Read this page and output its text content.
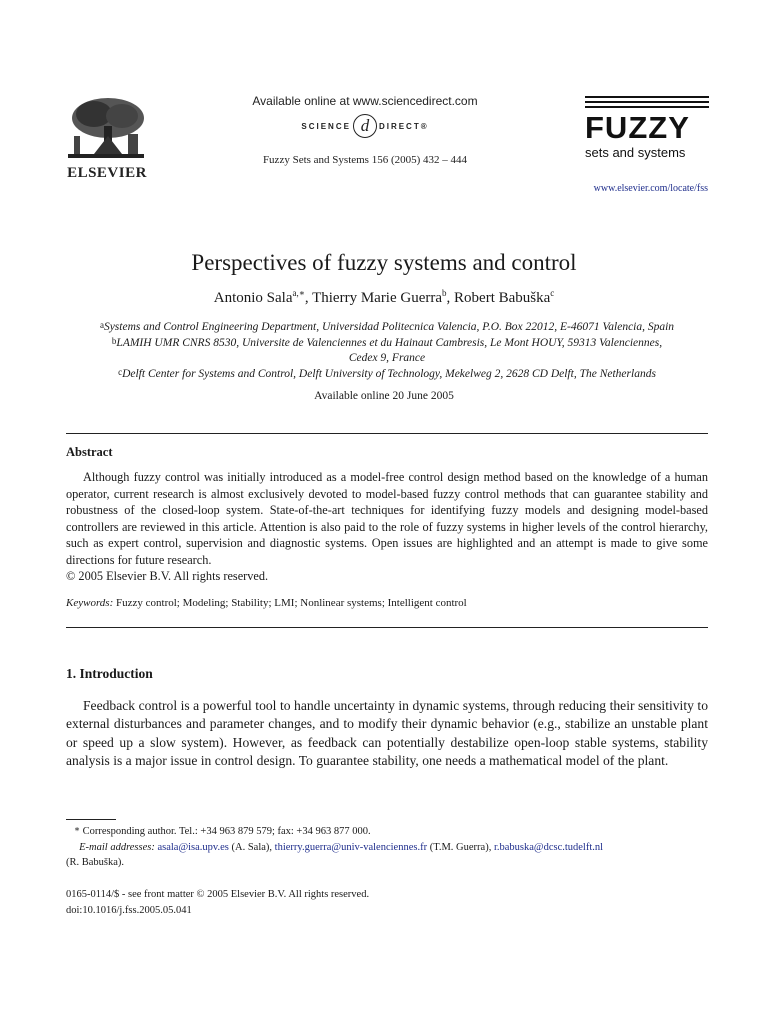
ELSEVIER
Available online at www.sciencedirect.com
SCIENCE d	DIRECT®
Fuzzy Sets and Systems 156 (2005) 432 – 444
FUZZY
sets and systems
www.elsevier.com/locate/fss
Perspectives of fuzzy systems and control
Antonio Sala$^{a,∗}$, Thierry Marie Guerra$^b$, Robert Babuška$^c$
$^a$Systems and Control Engineering Department, Universidad Politecnica Valencia, P.O. Box 22012, E-46071 Valencia, Spain
$^b$LAMIH UMR CNRS 8530, Universite de Valenciennes et du Hainaut Cambresis, Le Mont HOUY, 59313 Valenciennes,
Cedex 9, France
$^c$Delft Center for Systems and Control, Delft University of Technology, Mekelweg 2, 2628 CD Delft, The Netherlands
Available online 20 June 2005
Abstract

Although fuzzy control was initially introduced as a model-free control design method based on the knowledge of a human operator, current research is almost exclusively devoted to model-based fuzzy control methods that can guarantee stability and robustness of the closed-loop system. State-of-the-art techniques for identifying fuzzy models and designing model-based controllers are reviewed in this article. Attention is also paid to the role of fuzzy systems in higher levels of the control hierarchy, such as expert control, supervision and diagnostic systems. Open issues are highlighted and an attempt is made to give some directions for future research.

© 2005 Elsevier B.V. All rights reserved.
Keywords: Fuzzy control; Modeling; Stability; LMI; Nonlinear systems; Intelligent control
1. Introduction

Feedback control is a powerful tool to handle uncertainty in dynamic systems, through reducing their sensitivity to external disturbances and parameter changes, and to modify their dynamic behavior (e.g., stabilize an unstable plant or speed up a slow system). However, as feedback can potentially destabilize open-loop stable systems, stability analysis is a major issue in control design. To guarantee stability, one needs a mathematical model of the plant.

∗ Corresponding author. Tel.: +34 963 879 579; fax: +34 963 877 000.
E-mail addresses: asala@isa.upv.es (A. Sala), thierry.guerra@univ-valenciennes.fr (T.M. Guerra), r.babuska@dcsc.tudelft.nl
(R. Babuška).
0165-0114/$ - see front matter © 2005 Elsevier B.V. All rights reserved.
doi:10.1016/j.fss.2005.05.041
